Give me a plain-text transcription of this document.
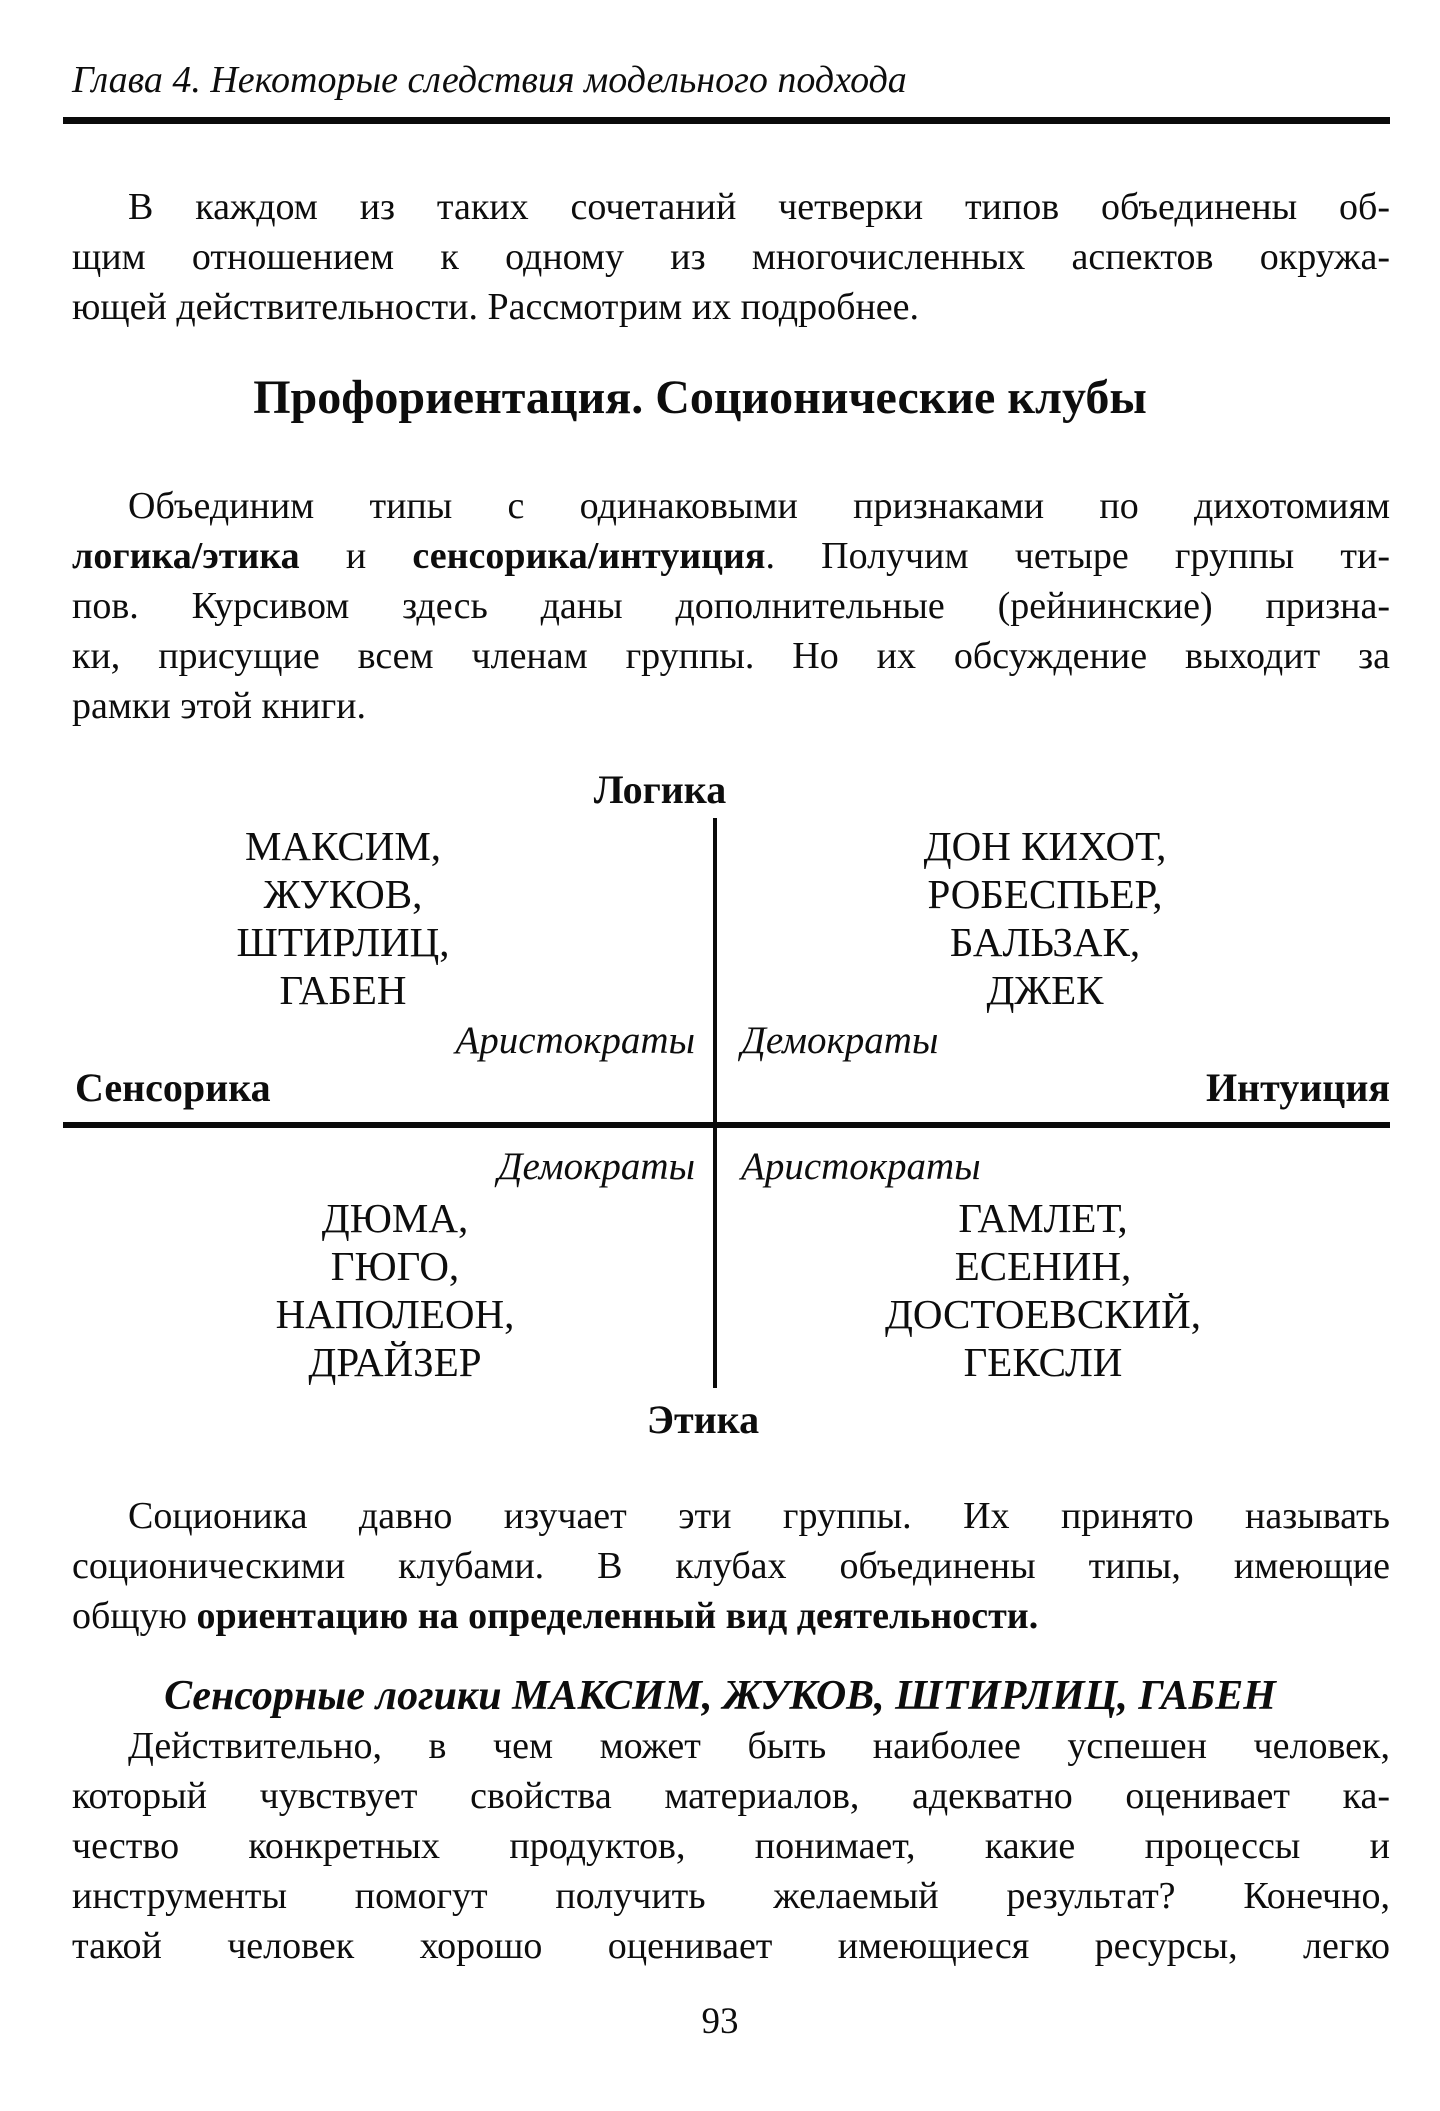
Глава 4. Некоторые следствия модельного подхода
В каждом из таких сочетаний четверки типов объединены об-
щим отношением к одному из многочисленных аспектов окружа-
ющей действительности. Рассмотрим их подробнее.
Профориентация. Соционические клубы
Объединим типы с одинаковыми признаками по дихотомиям
логика/этика и сенсорика/интуиция. Получим четыре группы ти-
пов. Курсивом здесь даны дополнительные (рейнинские) призна-
ки, присущие всем членам группы. Но их обсуждение выходит за
рамки этой книги.
Логика
МАКСИМ,
ЖУКОВ,
ШТИРЛИЦ,
ГАБЕН
ДОН КИХОТ,
РОБЕСПЬЕР,
БАЛЬЗАК,
ДЖЕК
Аристократы Демократы
Сенсорика	Интуиция
Демократы Аристократы
ДЮМА,
ГЮГО,
НАПОЛЕОН,
ДРАЙЗЕР
ГАМЛЕТ,
ЕСЕНИН,
ДОСТОЕВСКИЙ,
ГЕКСЛИ
Этика
Соционика давно изучает эти группы. Их принято называть
соционическими клубами. В клубах объединены типы, имеющие
общую ориентацию на определенный вид деятельности.
Сенсорные логики МАКСИМ, ЖУКОВ, ШТИРЛИЦ, ГАБЕН
Действительно, в чем может быть наиболее успешен человек,
который чувствует свойства материалов, адекватно оценивает ка-
чество конкретных продуктов, понимает, какие процессы и
инструменты помогут получить желаемый результат? Конечно,
такой человек хорошо оценивает имеющиеся ресурсы, легко
93
